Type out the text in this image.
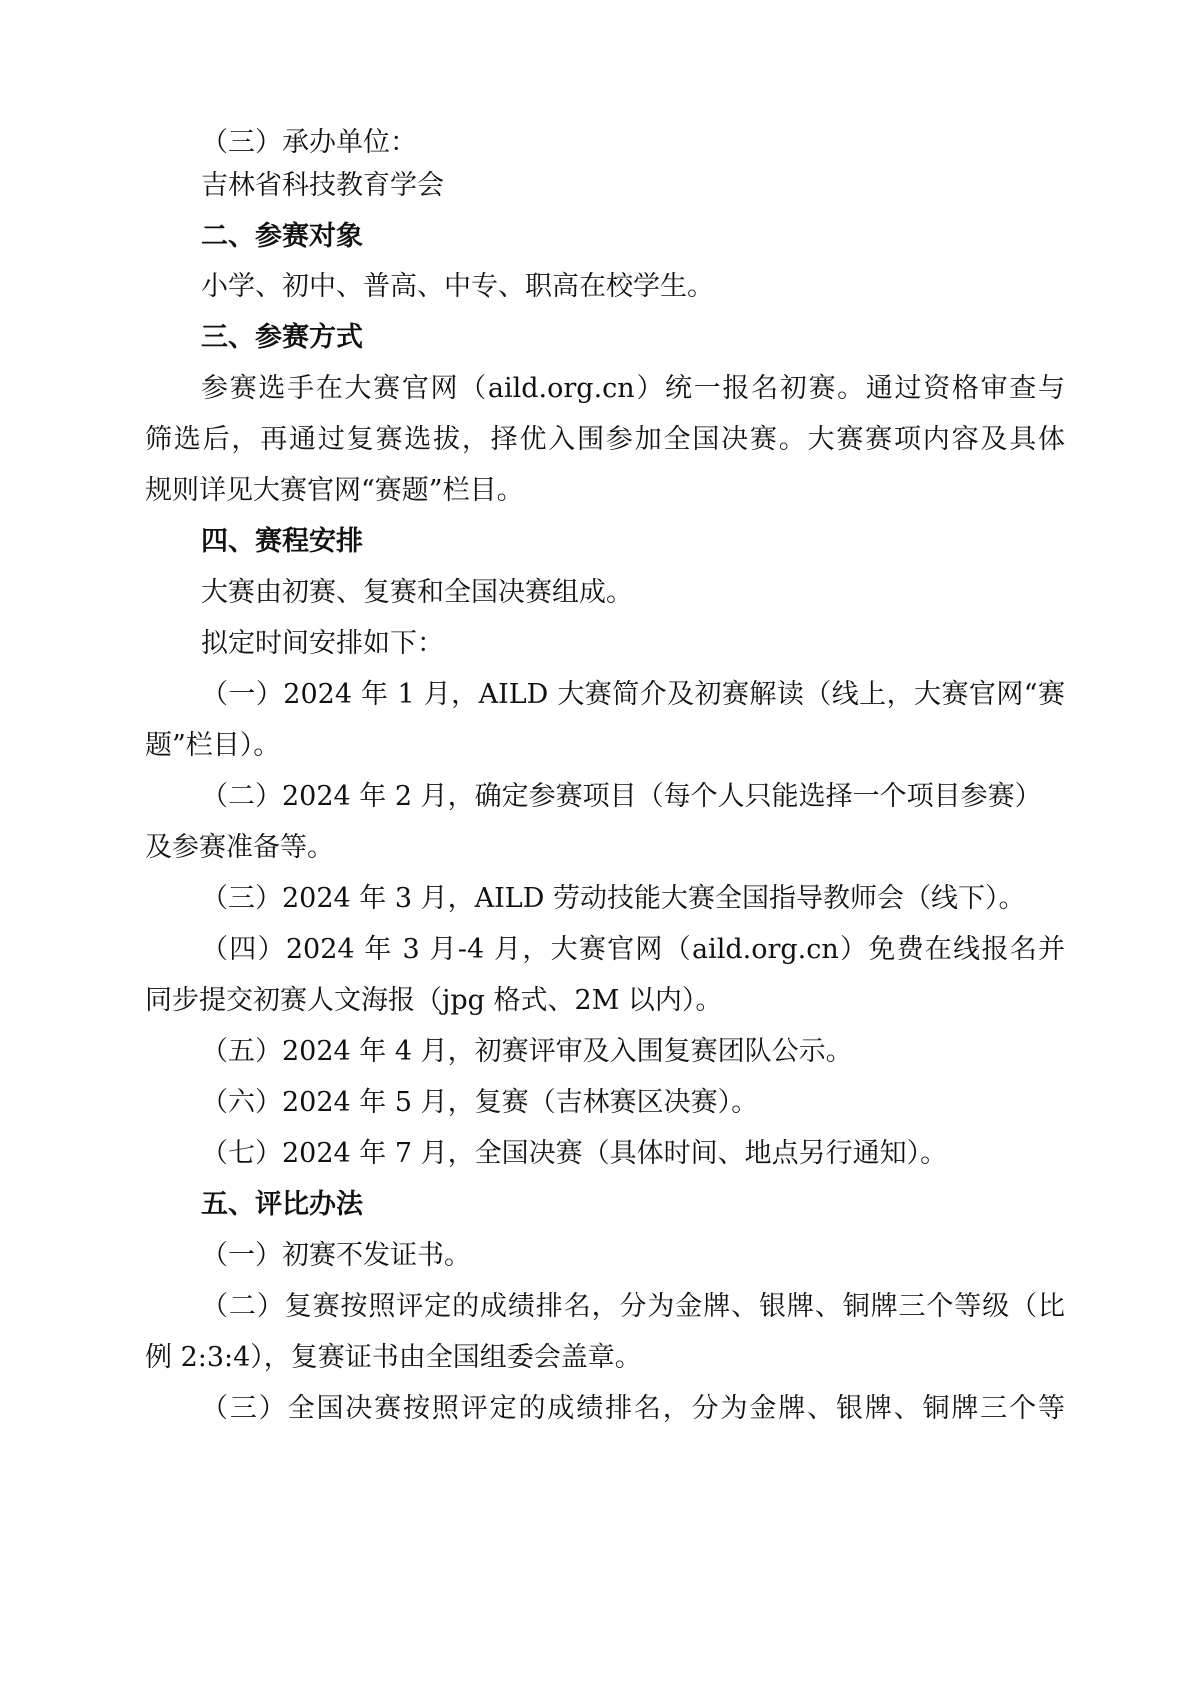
（三）承办单位：
吉林省科技教育学会
二、参赛对象
小学、初中、普高、中专、职高在校学生。
三、参赛方式
参赛选手在大赛官网（aild.org.cn）统一报名初赛。通过资格审查与
筛选后，再通过复赛选拔，择优入围参加全国决赛。大赛赛项内容及具体
规则详见大赛官网“赛题”栏目。
四、赛程安排
大赛由初赛、复赛和全国决赛组成。
拟定时间安排如下：
（一）2024 年 1 月，AILD 大赛简介及初赛解读（线上，大赛官网“赛
题”栏目）。
（二）2024 年 2 月，确定参赛项目（每个人只能选择一个项目参赛）
及参赛准备等。
（三）2024 年 3 月，AILD 劳动技能大赛全国指导教师会（线下）。
（四）2024 年 3 月-4 月，大赛官网（aild.org.cn）免费在线报名并
同步提交初赛人文海报（jpg 格式、2M 以内）。
（五）2024 年 4 月，初赛评审及入围复赛团队公示。
（六）2024 年 5 月，复赛（吉林赛区决赛）。
（七）2024 年 7 月，全国决赛（具体时间、地点另行通知）。
五、评比办法
（一）初赛不发证书。
（二）复赛按照评定的成绩排名，分为金牌、银牌、铜牌三个等级（比
例 2:3:4），复赛证书由全国组委会盖章。
（三）全国决赛按照评定的成绩排名，分为金牌、银牌、铜牌三个等
